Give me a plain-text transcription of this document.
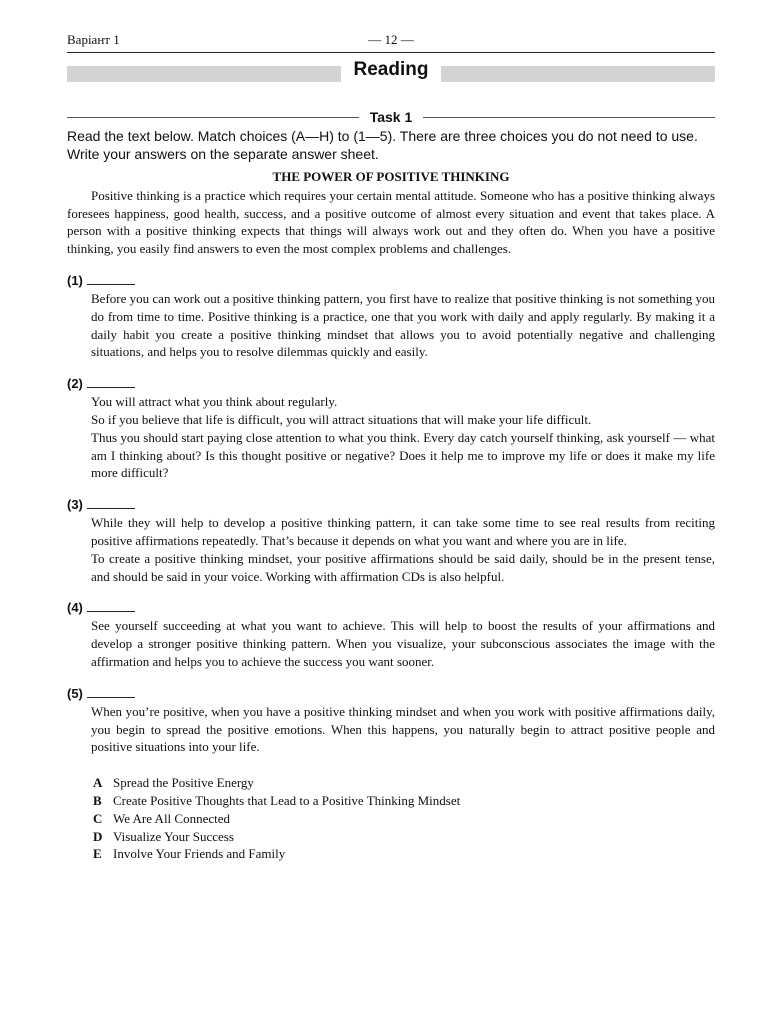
Варіант 1	— 12 —
Reading
Task 1
Read the text below. Match choices (A—H) to (1—5). There are three choices you do not need to use. Write your answers on the separate answer sheet.

THE POWER OF POSITIVE THINKING

Positive thinking is a practice which requires your certain mental attitude. Someone who has a positive thinking always foresees happiness, good health, success, and a positive outcome of almost every situation and event that takes place. A person with a positive thinking expects that things will always work out and they often do. When you have a positive thinking, you easily find answers to even the most complex problems and challenges.

(1)

Before you can work out a positive thinking pattern, you first have to realize that positive thinking is not something you do from time to time. Positive thinking is a practice, one that you work with daily and apply regularly. By making it a daily habit you create a positive thinking mindset that allows you to avoid potentially negative and challenging situations, and helps you to resolve dilemmas quickly and easily.

(2)

You will attract what you think about regularly.

So if you believe that life is difficult, you will attract situations that will make your life difficult.

Thus you should start paying close attention to what you think. Every day catch yourself thinking, ask yourself — what am I thinking about? Is this thought positive or negative? Does it help me to improve my life or does it make my life more difficult?

(3)

While they will help to develop a positive thinking pattern, it can take some time to see real results from reciting positive affirmations repeatedly. That’s because it depends on what you want and where you are in life.

To create a positive thinking mindset, your positive affirmations should be said daily, should be in the present tense, and should be said in your voice. Working with affirmation CDs is also helpful.

(4)

See yourself succeeding at what you want to achieve. This will help to boost the results of your affirmations and develop a stronger positive thinking pattern. When you visualize, your subconscious associates the image with the affirmation and helps you to achieve the success you want sooner.

(5)

When you’re positive, when you have a positive thinking mindset and when you work with positive affirmations daily, you begin to spread the positive emotions. When this happens, you naturally begin to attract positive people and positive situations into your life.

A Spread the Positive Energy

B Create Positive Thoughts that Lead to a Positive Thinking Mindset

C We Are All Connected

D Visualize Your Success

E Involve Your Friends and Family
